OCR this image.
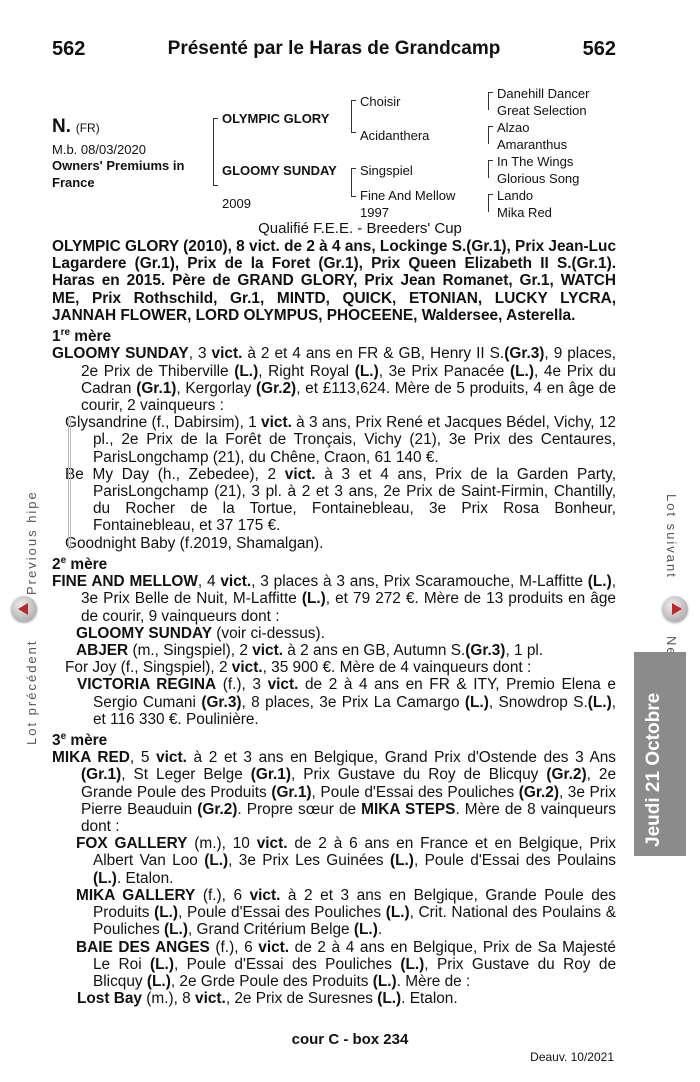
562	Présenté par le Haras de Grandcamp	562
N. (FR)
M.b. 08/03/2020
Owners' Premiums in France
OLYMPIC GLORY
GLOOMY SUNDAY
2009
Choisir
Acidanthera
Singspiel
Fine And Mellow
1997
Danehill Dancer
Great Selection
Alzao
Amaranthus
In The Wings
Glorious Song
Lando
Mika Red
Qualifié F.E.E. - Breeders' Cup

OLYMPIC GLORY (2010), 8 vict. de 2 à 4 ans, Lockinge S.(Gr.1), Prix Jean-Luc Lagardere (Gr.1), Prix de la Foret (Gr.1), Prix Queen Elizabeth II S.(Gr.1). Haras en 2015. Père de GRAND GLORY, Prix Jean Romanet, Gr.1, WATCH ME, Prix Rothschild, Gr.1, MINTD, QUICK, ETONIAN, LUCKY LYCRA, JANNAH FLOWER, LORD OLYMPUS, PHOCEENE, Waldersee, Asterella.

1re mère

GLOOMY SUNDAY, 3 vict. à 2 et 4 ans en FR & GB, Henry II S.(Gr.3), 9 places, 2e Prix de Thiberville (L.), Right Royal (L.), 3e Prix Panacée (L.), 4e Prix du Cadran (Gr.1), Kergorlay (Gr.2), et £113,624. Mère de 5 produits, 4 en âge de courir, 2 vainqueurs :

Glysandrine (f., Dabirsim), 1 vict. à 3 ans, Prix René et Jacques Bédel, Vichy, 12 pl., 2e Prix de la Forêt de Tronçais, Vichy (21), 3e Prix des Centaures, ParisLongchamp (21), du Chêne, Craon, 61 140 €.

Be My Day (h., Zebedee), 2 vict. à 3 et 4 ans, Prix de la Garden Party, ParisLongchamp (21), 3 pl. à 2 et 3 ans, 2e Prix de Saint-Firmin, Chantilly, du Rocher de la Tortue, Fontainebleau, 3e Prix Rosa Bonheur, Fontainebleau, et 37 175 €.

Goodnight Baby (f.2019, Shamalgan).

2e mère

FINE AND MELLOW, 4 vict., 3 places à 3 ans, Prix Scaramouche, M-Laffitte (L.), 3e Prix Belle de Nuit, M-Laffitte (L.), et 79 272 €. Mère de 13 produits en âge de courir, 9 vainqueurs dont :

GLOOMY SUNDAY (voir ci-dessus).

ABJER (m., Singspiel), 2 vict. à 2 ans en GB, Autumn S.(Gr.3), 1 pl.

For Joy (f., Singspiel), 2 vict., 35 900 €. Mère de 4 vainqueurs dont :

VICTORIA REGINA (f.), 3 vict. de 2 à 4 ans en FR & ITY, Premio Elena e Sergio Cumani (Gr.3), 8 places, 3e Prix La Camargo (L.), Snowdrop S.(L.), et 116 330 €. Poulinière.

3e mère

MIKA RED, 5 vict. à 2 et 3 ans en Belgique, Grand Prix d'Ostende des 3 Ans (Gr.1), St Leger Belge (Gr.1), Prix Gustave du Roy de Blicquy (Gr.2), 2e Grande Poule des Produits (Gr.1), Poule d'Essai des Pouliches (Gr.2), 3e Prix Pierre Beauduin (Gr.2). Propre sœur de MIKA STEPS. Mère de 8 vainqueurs dont :

FOX GALLERY (m.), 10 vict. de 2 à 6 ans en France et en Belgique, Prix Albert Van Loo (L.), 3e Prix Les Guinées (L.), Poule d'Essai des Poulains (L.). Etalon.

MIKA GALLERY (f.), 6 vict. à 2 et 3 ans en Belgique, Grande Poule des Produits (L.), Poule d'Essai des Pouliches (L.), Crit. National des Poulains & Pouliches (L.), Grand Critérium Belge (L.).

BAIE DES ANGES (f.), 6 vict. de 2 à 4 ans en Belgique, Prix de Sa Majesté Le Roi (L.), Poule d'Essai des Pouliches (L.), Prix Gustave du Roy de Blicquy (L.), 2e Grde Poule des Produits (L.). Mère de :

Lost Bay (m.), 8 vict., 2e Prix de Suresnes (L.). Etalon.

cour C - box 234
Deauv. 10/2021
Previous hipe
Lot précédent
Lot suivant
Jeudi 21 Octobre
